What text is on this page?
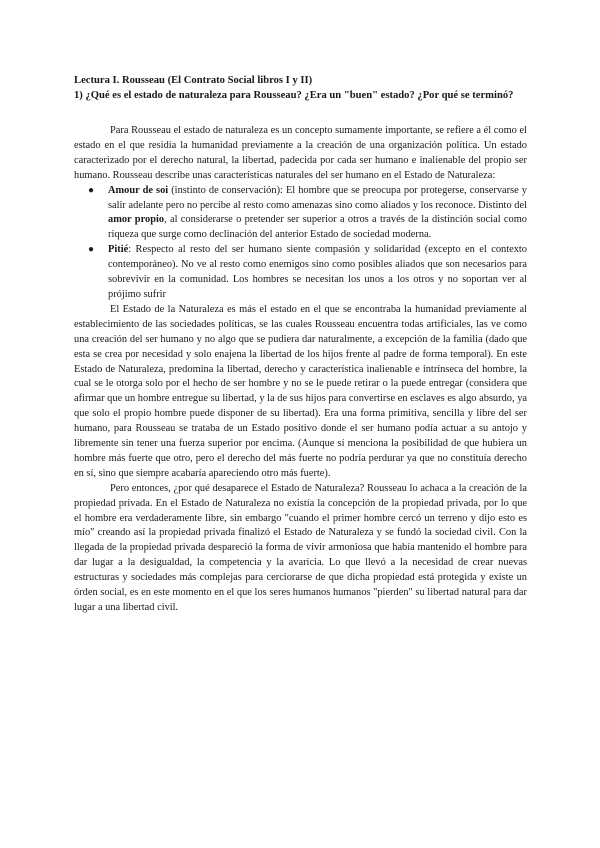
Lectura I. Rousseau (El Contrato Social libros I y II)

1) ¿Qué es el estado de naturaleza para Rousseau? ¿Era un "buen" estado? ¿Por qué se terminó?

Para Rousseau el estado de naturaleza es un concepto sumamente importante, se refiere a él como el estado en el que residía la humanidad previamente a la creación de una organización política. Un estado caracterizado por el derecho natural, la libertad, padecida por cada ser humano e inalienable del propio ser humano. Rousseau describe unas características naturales del ser humano en el Estado de Naturaleza:

● Amour de soi (instinto de conservación): El hombre que se preocupa por protegerse, conservarse y salir adelante pero no percibe al resto como amenazas sino como aliados y los reconoce. Distinto del amor propio, al considerarse o pretender ser superior a otros a través de la distinción social como riqueza que surge como declinación del anterior Estado de sociedad moderna.
● Pitié: Respecto al resto del ser humano siente compasión y solidaridad (excepto en el contexto contemporáneo). No ve al resto como enemigos sino como posibles aliados que son necesarios para sobrevivir en la comunidad. Los hombres se necesitan los unos a los otros y no soportan ver al prójimo sufrir

El Estado de la Naturaleza es más el estado en el que se encontraba la humanidad previamente al establecimiento de las sociedades políticas, se las cuales Rousseau encuentra todas artificiales, las ve como una creación del ser humano y no algo que se pudiera dar naturalmente, a excepción de la familia (dado que esta se crea por necesidad y solo enajena la libertad de los hijos frente al padre de forma temporal). En este Estado de Naturaleza, predomina la libertad, derecho y característica inalienable e intrínseca del hombre, la cual se le otorga solo por el hecho de ser hombre y no se le puede retirar o la puede entregar (considera que afirmar que un hombre entregue su libertad, y la de sus hijos para convertirse en esclaves es algo absurdo, ya que solo el propio hombre puede disponer de su libertad). Era una forma primitiva, sencilla y libre del ser humano, para Rousseau se trataba de un Estado positivo donde el ser humano podía actuar a su antojo y libremente sin tener una fuerza superior por encima. (Aunque sí menciona la posibilidad de que hubiera un hombre más fuerte que otro, pero el derecho del más fuerte no podría perdurar ya que no constituía derecho en sí, sino que siempre acabaría apareciendo otro más fuerte).

Pero entonces, ¿por qué desaparece el Estado de Naturaleza? Rousseau lo achaca a la creación de la propiedad privada. En el Estado de Naturaleza no existía la concepción de la propiedad privada, por lo que el hombre era verdaderamente libre, sin embargo "cuando el primer hombre cercó un terreno y dijo esto es mío" creando así la propiedad privada finalizó el Estado de Naturaleza y se fundó la sociedad civil. Con la llegada de la propiedad privada despareció la forma de vivir armoniosa que había mantenido el hombre para dar lugar a la desigualdad, la competencia y la avaricia. Lo que llevó a la necesidad de crear nuevas estructuras y sociedades más complejas para cerciorarse de que dicha propiedad está protegida y existe un órden social, es en este momento en el que los seres humanos humanos "pierden" su libertad natural para dar lugar a una libertad civil.
